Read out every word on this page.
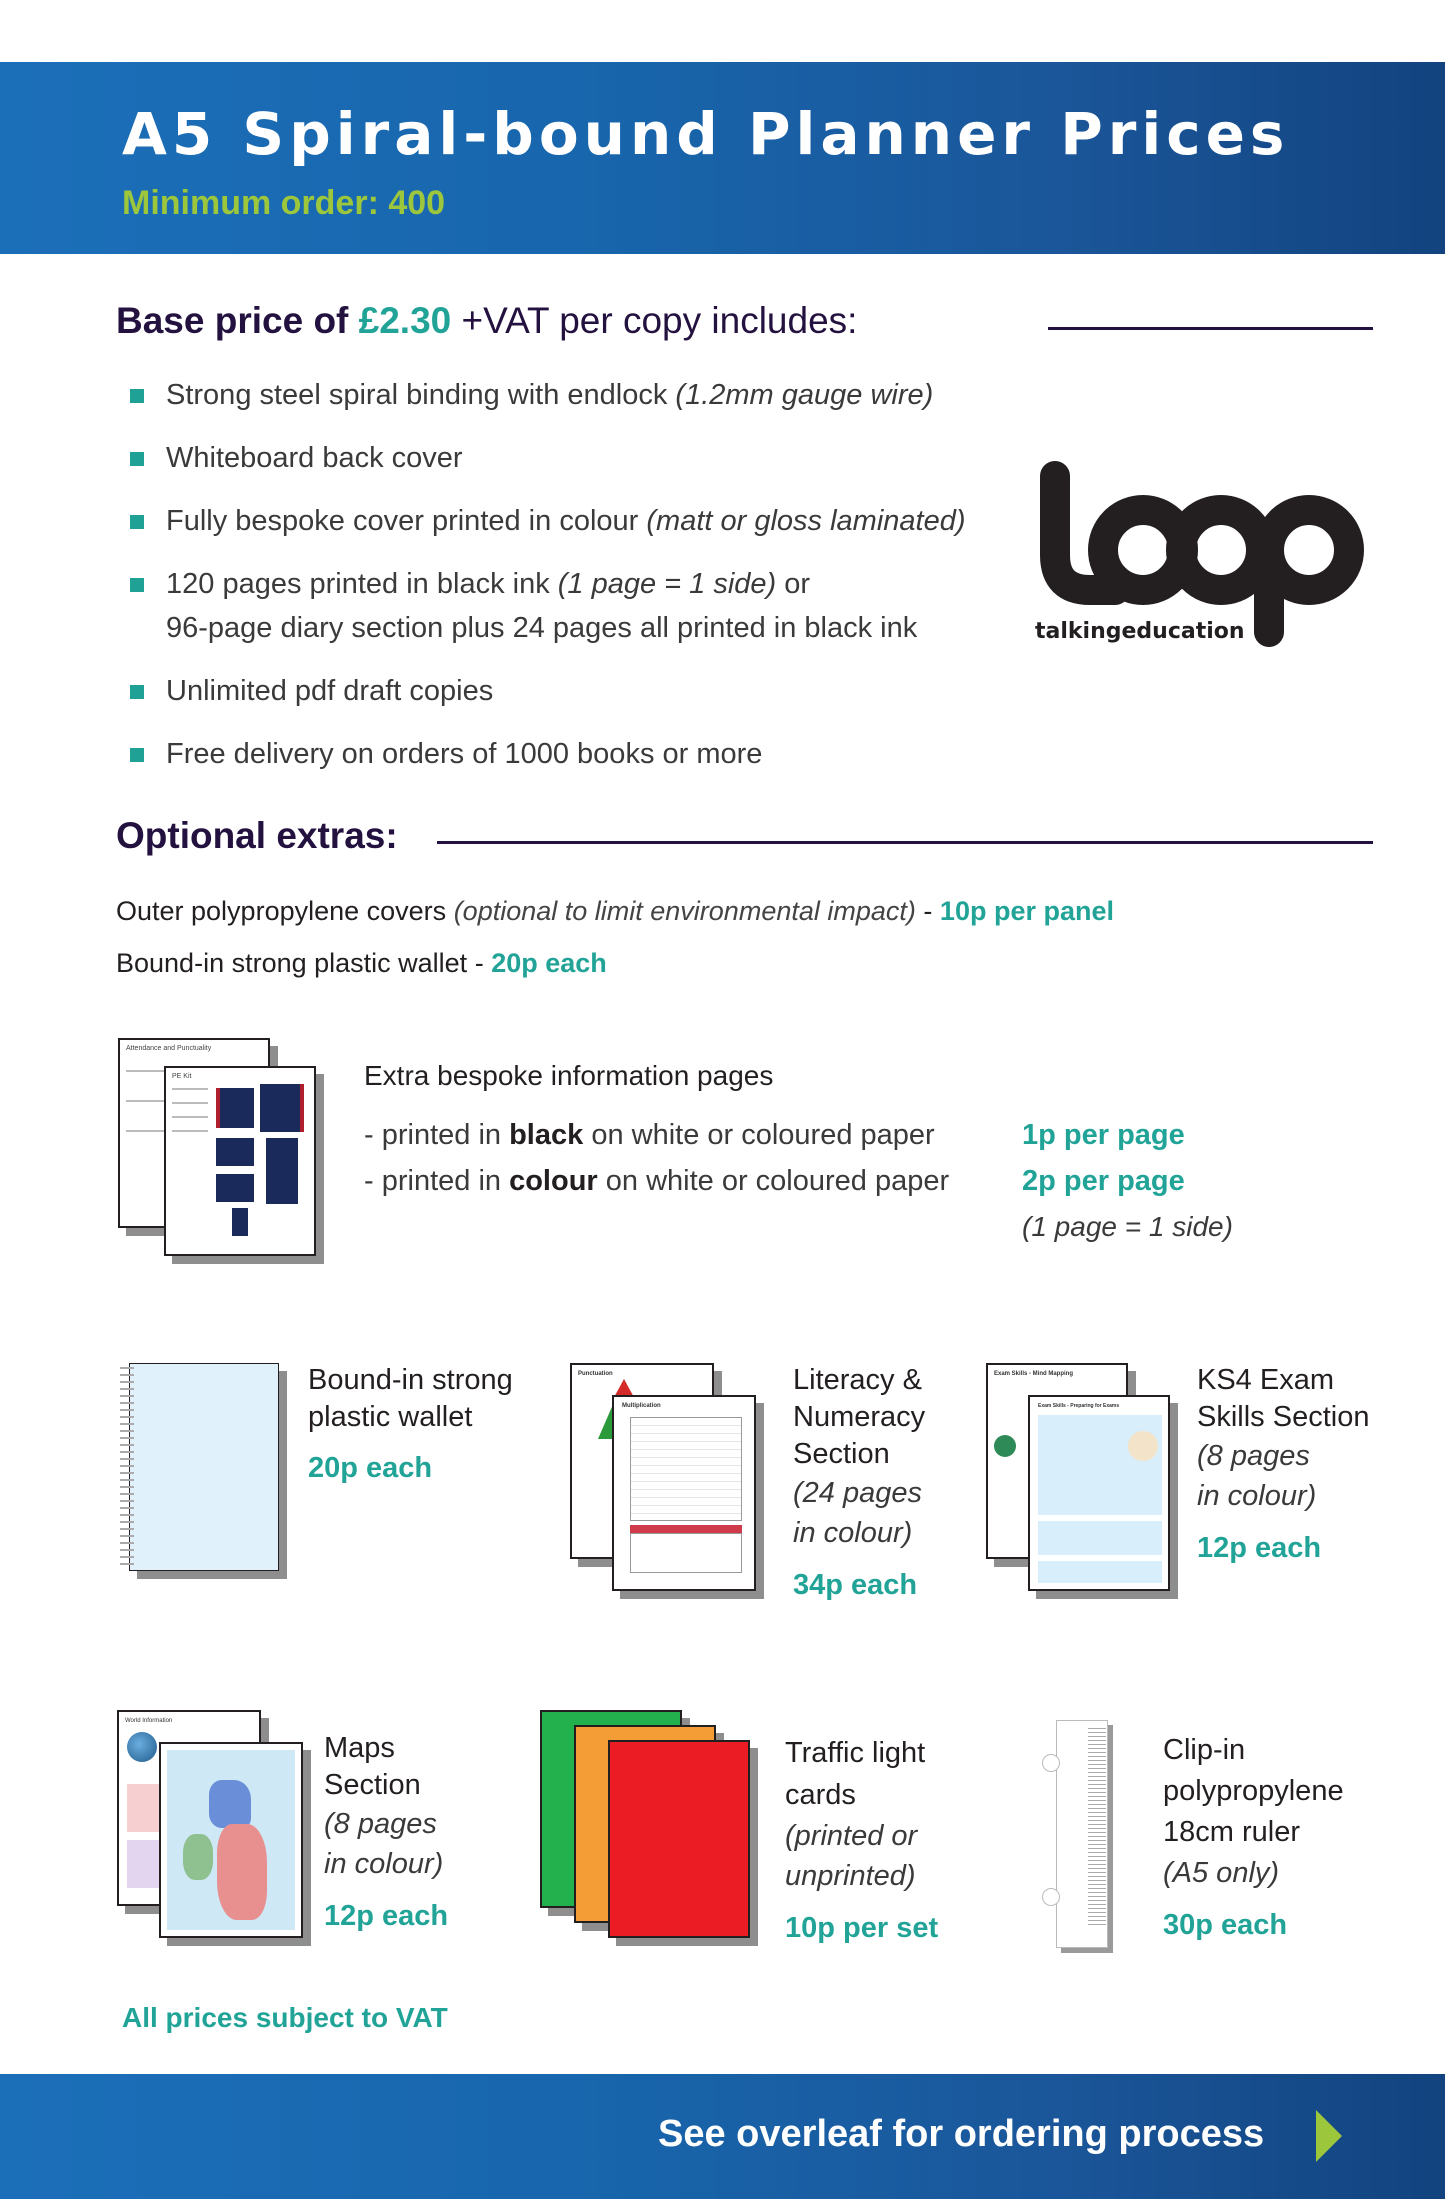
A5 Spiral-bound Planner Prices
Minimum order: 400
Base price of £2.30 +VAT per copy includes:
Strong steel spiral binding with endlock (1.2mm gauge wire)
Whiteboard back cover
Fully bespoke cover printed in colour (matt or gloss laminated)
120 pages printed in black ink (1 page = 1 side) or
96-page diary section plus 24 pages all printed in black ink
Unlimited pdf draft copies
Free delivery on orders of 1000 books or more
talkingeducation
Optional extras:
Outer polypropylene covers (optional to limit environmental impact) - 10p per panel
Bound-in strong plastic wallet - 20p each
Attendance and Punctuality
PE Kit	Extra bespoke information pages
- printed in black on white or coloured paper
- printed in colour on white or coloured paper
1p per page
2p per page
(1 page = 1 side)
Bound-in strong
plastic wallet
20p each
Punctuation
Multiplication
Literacy &
Numeracy
Section
(24 pages
in colour)
34p each
Exam Skills - Mind Mapping
Exam Skills - Preparing for Exams
KS4 Exam
Skills Section
(8 pages
in colour)
12p each
World Information
Maps
Section
(8 pages
in colour)
12p each
Traffic light
cards
(printed or
unprinted)
10p per set
Clip-in
polypropylene
18cm ruler
(A5 only)
30p each
All prices subject to VAT
See overleaf for ordering process
